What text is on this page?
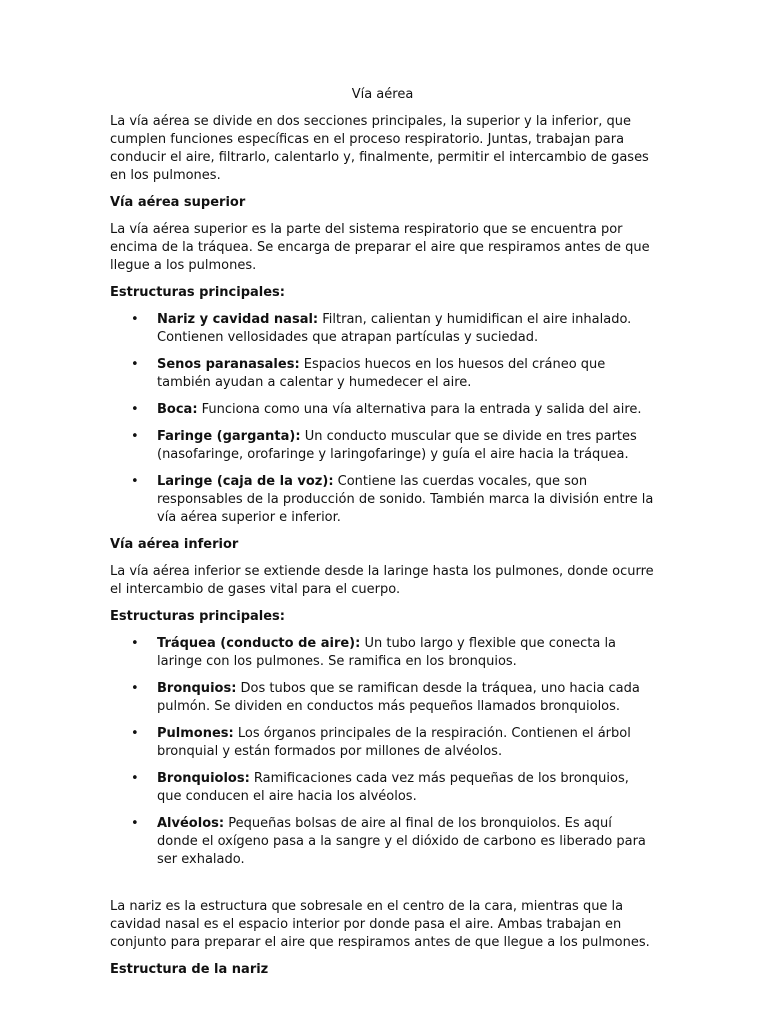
Vía aérea

La vía aérea se divide en dos secciones principales, la superior y la inferior, que cumplen funciones específicas en el proceso respiratorio. Juntas, trabajan para conducir el aire, filtrarlo, calentarlo y, finalmente, permitir el intercambio de gases en los pulmones.

Vía aérea superior

La vía aérea superior es la parte del sistema respiratorio que se encuentra por encima de la tráquea. Se encarga de preparar el aire que respiramos antes de que llegue a los pulmones.

Estructuras principales:
• Nariz y cavidad nasal: Filtran, calientan y humidifican el aire inhalado. Contienen vellosidades que atrapan partículas y suciedad.
• Senos paranasales: Espacios huecos en los huesos del cráneo que también ayudan a calentar y humedecer el aire.
• Boca: Funciona como una vía alternativa para la entrada y salida del aire.
• Faringe (garganta): Un conducto muscular que se divide en tres partes (nasofaringe, orofaringe y laringofaringe) y guía el aire hacia la tráquea.
• Laringe (caja de la voz): Contiene las cuerdas vocales, que son responsables de la producción de sonido. También marca la división entre la vía aérea superior e inferior.
Vía aérea inferior

La vía aérea inferior se extiende desde la laringe hasta los pulmones, donde ocurre el intercambio de gases vital para el cuerpo.

Estructuras principales:
• Tráquea (conducto de aire): Un tubo largo y flexible que conecta la laringe con los pulmones. Se ramifica en los bronquios.
• Bronquios: Dos tubos que se ramifican desde la tráquea, uno hacia cada pulmón. Se dividen en conductos más pequeños llamados bronquiolos.
• Pulmones: Los órganos principales de la respiración. Contienen el árbol bronquial y están formados por millones de alvéolos.
• Bronquiolos: Ramificaciones cada vez más pequeñas de los bronquios, que conducen el aire hacia los alvéolos.
• Alvéolos: Pequeñas bolsas de aire al final de los bronquiolos. Es aquí donde el oxígeno pasa a la sangre y el dióxido de carbono es liberado para ser exhalado.

La nariz es la estructura que sobresale en el centro de la cara, mientras que la cavidad nasal es el espacio interior por donde pasa el aire. Ambas trabajan en conjunto para preparar el aire que respiramos antes de que llegue a los pulmones.

Estructura de la nariz
